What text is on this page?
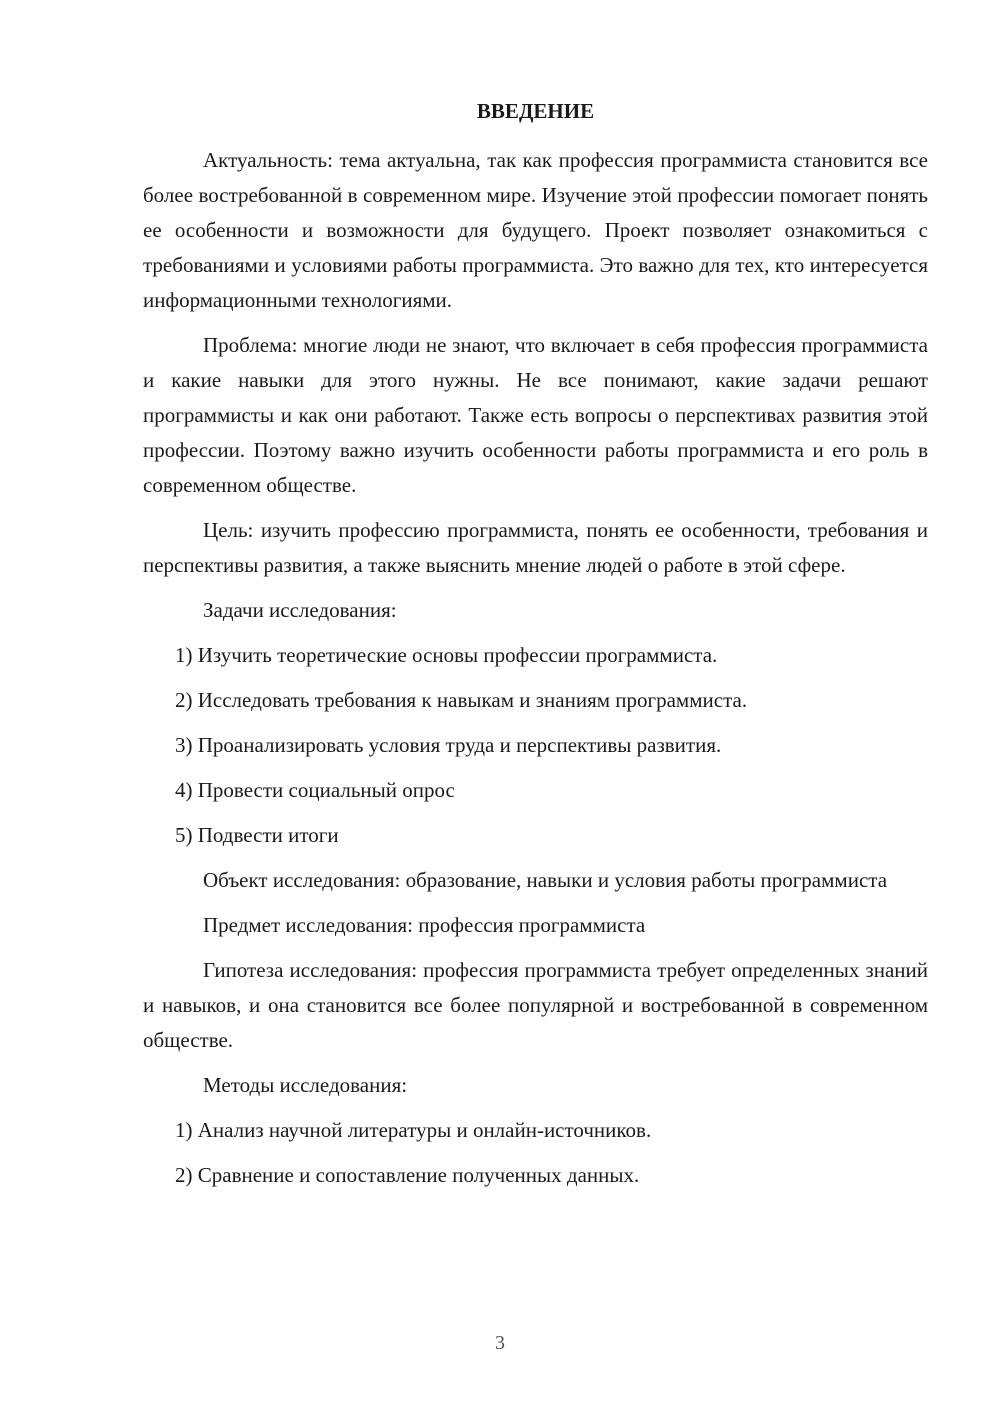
ВВЕДЕНИЕ

Актуальность: тема актуальна, так как профессия программиста становится все более востребованной в современном мире. Изучение этой профессии помогает понять ее особенности и возможности для будущего. Проект позволяет ознакомиться с требованиями и условиями работы программиста. Это важно для тех, кто интересуется информационными технологиями.

Проблема: многие люди не знают, что включает в себя профессия программиста и какие навыки для этого нужны. Не все понимают, какие задачи решают программисты и как они работают. Также есть вопросы о перспективах развития этой профессии. Поэтому важно изучить особенности работы программиста и его роль в современном обществе.

Цель: изучить профессию программиста, понять ее особенности, требования и перспективы развития, а также выяснить мнение людей о работе в этой сфере.

Задачи исследования:

1) Изучить теоретические основы профессии программиста.
2) Исследовать требования к навыкам и знаниям программиста.
3) Проанализировать условия труда и перспективы развития.
4) Провести социальный опрос
5) Подвести итоги

Объект исследования: образование, навыки и условия работы программиста

Предмет исследования: профессия программиста

Гипотеза исследования: профессия программиста требует определенных знаний и навыков, и она становится все более популярной и востребованной в современном обществе.

Методы исследования:

1) Анализ научной литературы и онлайн-источников.
2) Сравнение и сопоставление полученных данных.
3
